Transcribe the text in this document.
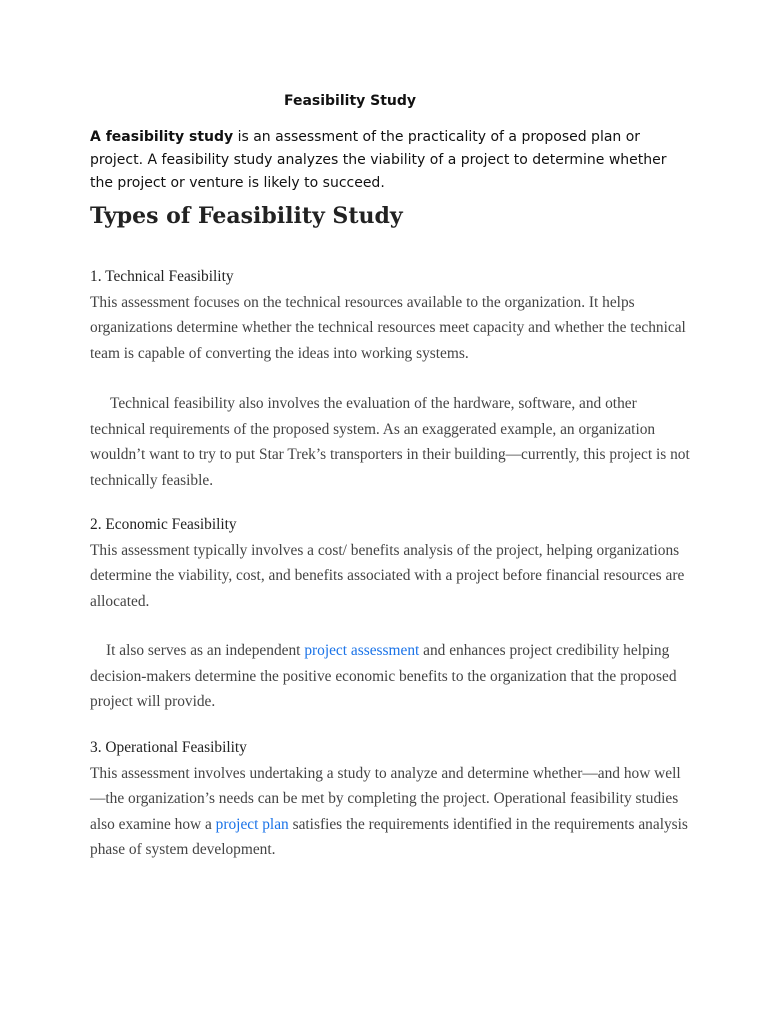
Feasibility Study

A feasibility study is an assessment of the practicality of a proposed plan or project. A feasibility study analyzes the viability of a project to determine whether the project or venture is likely to succeed.

Types of Feasibility Study
1. Technical Feasibility
This assessment focuses on the technical resources available to the organization. It helps organizations determine whether the technical resources meet capacity and whether the technical team is capable of converting the ideas into working systems.
Technical feasibility also involves the evaluation of the hardware, software, and other technical requirements of the proposed system. As an exaggerated example, an organization wouldn’t want to try to put Star Trek’s transporters in their building—currently, this project is not technically feasible.
2. Economic Feasibility
This assessment typically involves a cost/ benefits analysis of the project, helping organizations determine the viability, cost, and benefits associated with a project before financial resources are allocated.
It also serves as an independent project assessment and enhances project credibility helping decision-makers determine the positive economic benefits to the organization that the proposed project will provide.
3. Operational Feasibility
This assessment involves undertaking a study to analyze and determine whether—and how well—the organization’s needs can be met by completing the project. Operational feasibility studies also examine how a project plan satisfies the requirements identified in the requirements analysis phase of system development.
